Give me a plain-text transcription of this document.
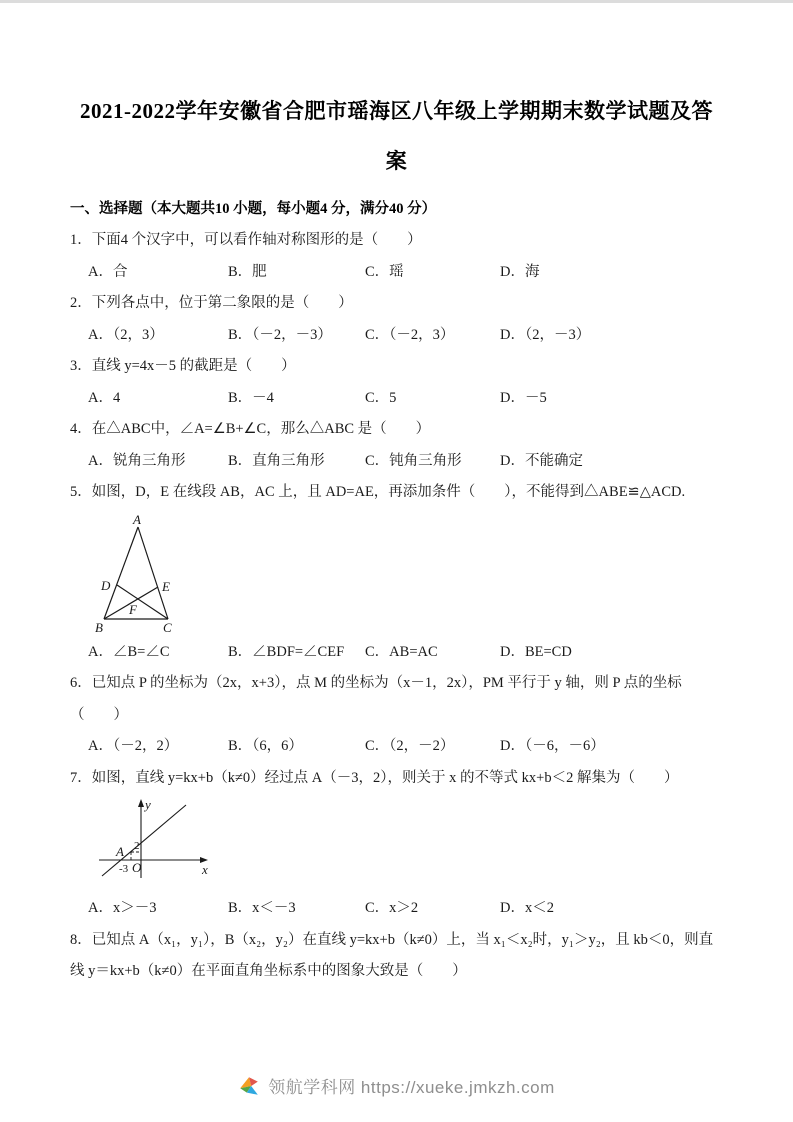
2021-2022学年安徽省合肥市瑶海区八年级上学期期末数学试题及答
案
一、选择题（本大题共10 小题，每小题4 分，满分40 分）
1．下面4 个汉字中，可以看作轴对称图形的是（　　）
A．合	B．肥	C．瑶	D．海
2．下列各点中，位于第二象限的是（　　）
A．（2，3）	B．（－2，－3）	C．（－2，3）	D．（2，－3）
3．直线 y=4x－5 的截距是（　　）
A．4	B．－4	C．5	D．－5
4．在△ABC中，∠A=∠B+∠C，那么△ABC 是（　　）
A．锐角三角形	B．直角三角形	C．钝角三角形	D．不能确定
5．如图，D，E 在线段 AB，AC 上，且 AD=AE，再添加条件（　　），不能得到△ABE≌△ACD.
A
B	C
D	E
F
A．∠B=∠C	B．∠BDF=∠CEF	C．AB=AC	D．BE=CD
6．已知点 P 的坐标为（2x，x+3），点 M 的坐标为（x－1，2x），PM 平行于 y 轴，则 P 点的坐标（　　）
A．（－2，2）	B．（6，6）	C．（2，－2）	D．（－6，－6）
7．如图，直线 y=kx+b（k≠0）经过点 A（－3，2），则关于 x 的不等式 kx+b＜2 解集为（　　）
y
x
O
A 2
-3
A．x＞－3	B．x＜－3	C．x＞2	D．x＜2
8．已知点 A（x₁，y₁），B（x₂，y₂）在直线 y=kx+b（k≠0）上，当 x₁＜x₂时，y₁＞y₂，且 kb＜0，则直线 y＝kx+b（k≠0）在平面直角坐标系中的图象大致是（　　）
领航学科网 https://xueke.jmkzh.com
